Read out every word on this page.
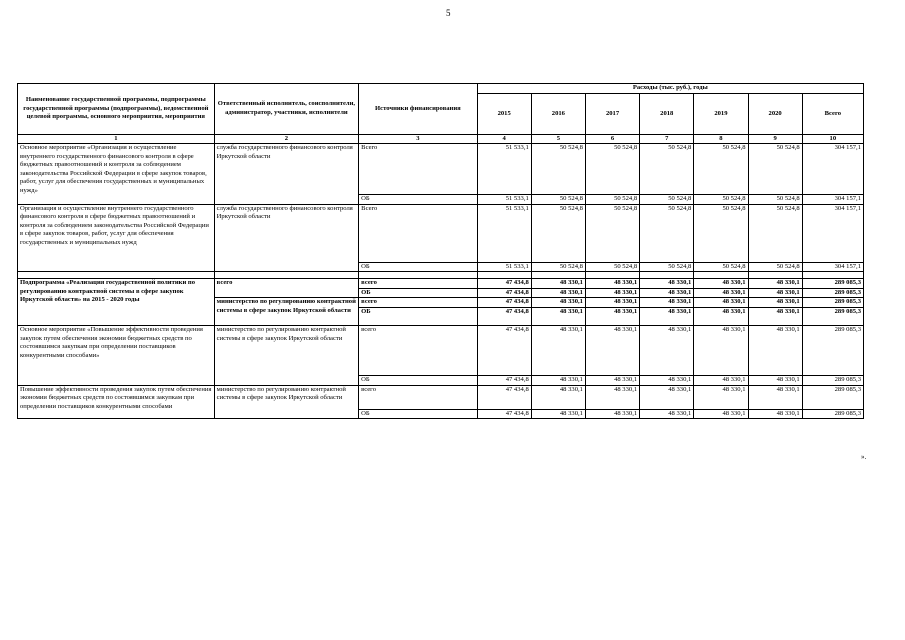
5
Наименование государственной программы, подпрограммы государственной программы (подпрограммы), ведомственной целевой программы, основного мероприятия, мероприятия	Ответственный исполнитель, соисполнители, администратор, участники, исполнители	Источники финансирования	Расходы (тыс. руб.), годы						
			2015	2016	2017	2018	2019	2020	Всего
1	2	3	4	5	6	7	8	9	10
Основное мероприятие «Организация и осуществление внутреннего государственного финансового контроля в сфере бюджетных правоотношений и контроля за соблюдением законодательства Российской Федерации в сфере закупок товаров, работ, услуг для обеспечения государственных и муниципальных нужд»	служба государственного финансового контроля Иркутской области	Всего	51 533,1	50 524,8	50 524,8	50 524,8	50 524,8	50 524,8	304 157,1
		ОБ	51 533,1	50 524,8	50 524,8	50 524,8	50 524,8	50 524,8	304 157,1
Организация и осуществление внутреннего государственного финансового контроля в сфере бюджетных правоотношений и контроля за соблюдением законодательства Российской Федерации в сфере закупок товаров, работ, услуг для обеспечения государственных и муниципальных нужд	служба государственного финансового контроля Иркутской области	Всего	51 533,1	50 524,8	50 524,8	50 524,8	50 524,8	50 524,8	304 157,1
		ОБ	51 533,1	50 524,8	50 524,8	50 524,8	50 524,8	50 524,8	304 157,1

Подпрограмма «Реализация государственной политики по регулированию контрактной системы в сфере закупок Иркутской области» на 2015 - 2020 годы	всего	всего	47 434,8	48 330,1	48 330,1	48 330,1	48 330,1	48 330,1	289 085,3
		ОБ	47 434,8	48 330,1	48 330,1	48 330,1	48 330,1	48 330,1	289 085,3
	министерство по регулированию контрактной системы в сфере закупок Иркутской области	всего	47 434,8	48 330,1	48 330,1	48 330,1	48 330,1	48 330,1	289 085,3
		ОБ	47 434,8	48 330,1	48 330,1	48 330,1	48 330,1	48 330,1	289 085,3
Основное мероприятие «Повышение эффективности проведения закупок путем обеспечения экономии бюджетных средств по состоявшимся закупкам при определении поставщиков конкурентными способами»	министерство по регулированию контрактной системы в сфере закупок Иркутской области	всего	47 434,8	48 330,1	48 330,1	48 330,1	48 330,1	48 330,1	289 085,3
		ОБ	47 434,8	48 330,1	48 330,1	48 330,1	48 330,1	48 330,1	289 085,3
Повышение эффективности проведения закупок путем обеспечения экономии бюджетных средств по состоявшимся закупкам при определении поставщиков конкурентными способами	министерство по регулированию контрактной системы в сфере закупок Иркутской области	всего	47 434,8	48 330,1	48 330,1	48 330,1	48 330,1	48 330,1	289 085,3
		ОБ	47 434,8	48 330,1	48 330,1	48 330,1	48 330,1	48 330,1	289 085,3
».
